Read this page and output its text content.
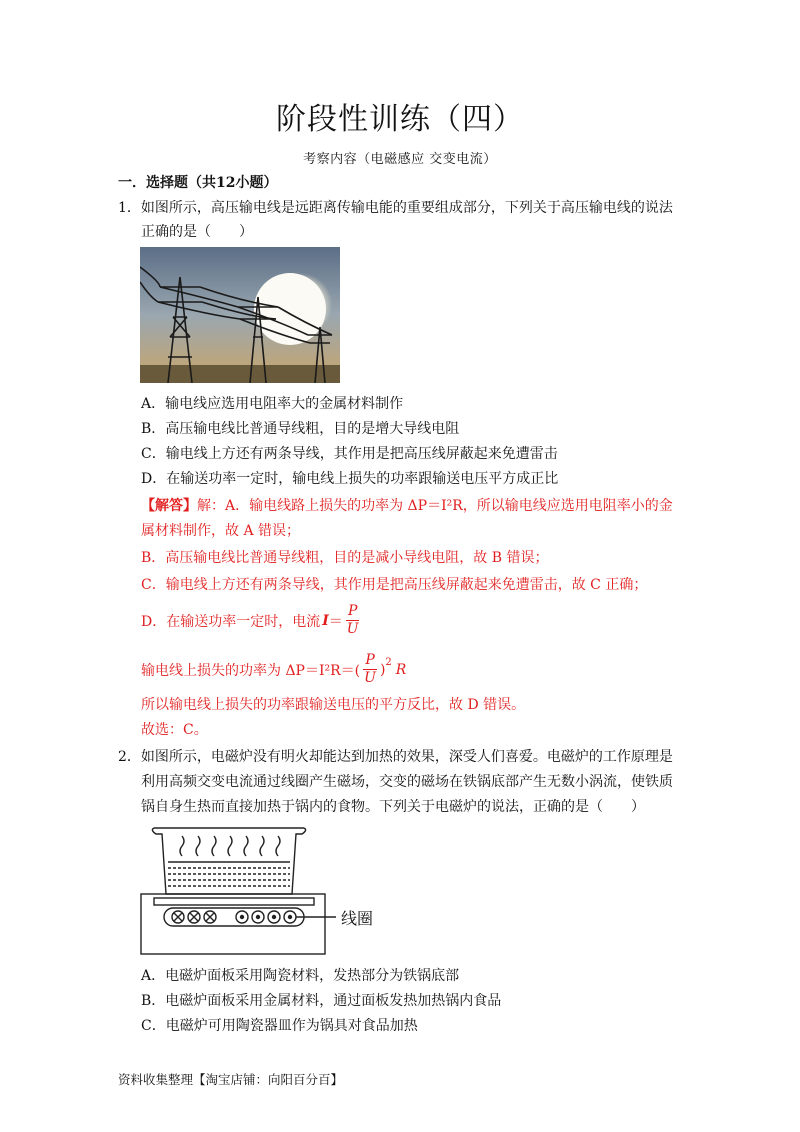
阶段性训练（四）
考察内容（电磁感应 交变电流）
一．选择题（共12小题）
1．如图所示，高压输电线是远距离传输电能的重要组成部分，下列关于高压输电线的说法
正确的是（　　）
A．输电线应选用电阻率大的金属材料制作
B．高压输电线比普通导线粗，目的是增大导线电阻
C．输电线上方还有两条导线，其作用是把高压线屏蔽起来免遭雷击
D．在输送功率一定时，输电线上损失的功率跟输送电压平方成正比
【解答】解：A．输电线路上损失的功率为 ΔP＝I²R，所以输电线应选用电阻率小的金
属材料制作，故 A 错误；
B．高压输电线比普通导线粗，目的是减小导线电阻，故 B 错误；
C．输电线上方还有两条导线，其作用是把高压线屏蔽起来免遭雷击，故 C 正确；
D．在输送功率一定时，电流 $I = \frac{P}{U}$
输电线上损失的功率为 $\Delta P=I^2R=( \frac{P}{U} )^2$ R
所以输电线上损失的功率跟输送电压的平方反比，故 D 错误。
故选：C。
2．如图所示，电磁炉没有明火却能达到加热的效果，深受人们喜爱。电磁炉的工作原理是
利用高频交变电流通过线圈产生磁场，交变的磁场在铁锅底部产生无数小涡流，使铁质
锅自身生热而直接加热于锅内的食物。下列关于电磁炉的说法，正确的是（　　）
线圈
A．电磁炉面板采用陶瓷材料，发热部分为铁锅底部
B．电磁炉面板采用金属材料，通过面板发热加热锅内食品
C．电磁炉可用陶瓷器皿作为锅具对食品加热
资料收集整理【淘宝店铺：向阳百分百】
